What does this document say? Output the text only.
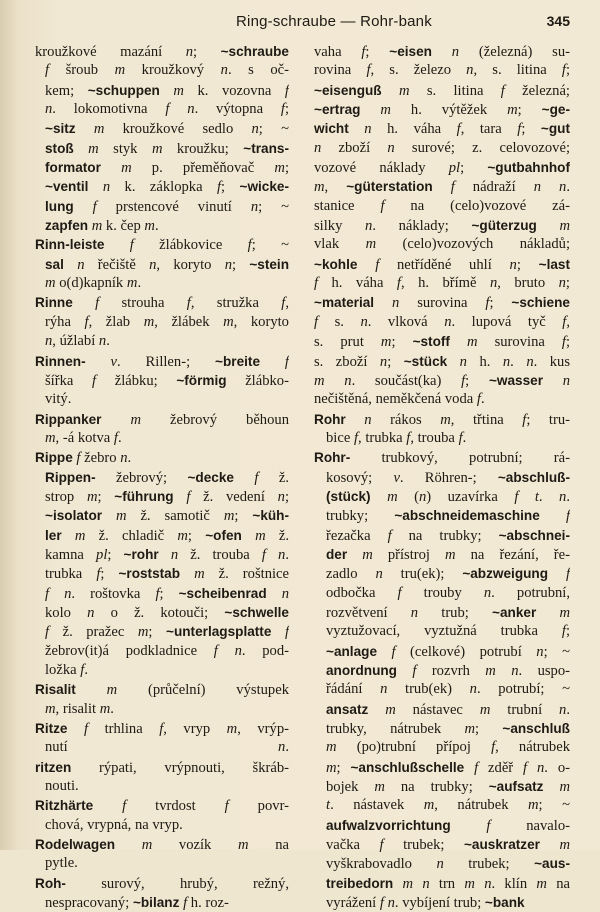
Ring-schraube — Rohr-bank	345
kroužkové mazání n; ~schraube
f šroub m kroužkový n. s oč-
kem; ~schuppen m k. vozovna f
n. lokomotivna f n. výtopna f;
~sitz m kroužkové sedlo n; ~
stoß m styk m kroužku; ~trans-
formator m p. přeměňovač m;
~ventil n k. záklopka f; ~wicke-
lung f prstencové vinutí n; ~
zapfen m k. čep m.
Rinn-leiste f žlábkovice f; ~
sal n řečiště n, koryto n; ~stein
m o(d)kapník m.
Rinne f strouha f, stružka f,
rýha f, žlab m, žlábek m, koryto
n, úžlabí n.
Rinnen- v. Rillen-; ~breite f
šířka f žlábku; ~förmig žlábko-
vitý.
Rippanker m žebrový běhoun
m, -á kotva f.
Rippe f žebro n.
Rippen- žebrový; ~decke f ž.
strop m; ~führung f ž. vedení n;
~isolator m ž. samotič m; ~küh-
ler m ž. chladič m; ~ofen m ž.
kamna pl; ~rohr n ž. trouba f n.
trubka f; ~roststab m ž. roštnice
f n. roštovka f; ~scheibenrad n
kolo n o ž. kotouči; ~schwelle
f ž. pražec m; ~unterlagsplatte f
žebrov(it)á podkladnice f n. pod-
ložka f.
Risalit m (průčelní) výstupek
m, risalit m.
Ritze f trhlina f, vryp m, vrýp-
nutí n.
ritzen rýpati, vrýpnouti, škráb-
nouti.
Ritzhärte f tvrdost f povr-
chová, vrypná, na vryp.
Rodelwagen m vozík m na
pytle.
Roh- surový, hrubý, režný,
nespracovaný; ~bilanz f h. roz-
vaha f; ~eisen n (železná) su-
rovina f, s. železo n, s. litina f;
~eisenguß m s. litina f železná;
~ertrag m h. výtěžek m; ~ge-
wicht n h. váha f, tara f; ~gut
n zboží n surové; z. celovozové;
vozové náklady pl; ~gutbahnhof
m, ~güterstation f nádraží n n.
stanice f na (celo)vozové zá-
silky n. náklady; ~güterzug m
vlak m (celo)vozových nákladů;
~kohle f netříděné uhlí n; ~last
f h. váha f, h. břímě n, bruto n;
~material n surovina f; ~schiene
f s. n. vlková n. lupová tyč f,
s. prut m; ~stoff m surovina f;
s. zboží n; ~stück n h. n. n. kus
m n. součást(ka) f; ~wasser n
nečištěná, neměkčená voda f.
Rohr n rákos m, třtina f; tru-
bice f, trubka f, trouba f.
Rohr- trubkový, potrubní; rá-
kosový; v. Röhren-; ~abschluß-
(stück) m (n) uzavírka f t. n.
trubky; ~abschneidemaschine f
řezačka f na trubky; ~abschnei-
der m přístroj m na řezání, ře-
zadlo n tru(ek); ~abzweigung f
odbočka f trouby n. potrubní,
rozvětvení n trub; ~anker m
vyztužovací, vyztužná trubka f;
~anlage f (celkové) potrubí n; ~
anordnung f rozvrh m n. uspo-
řádání n trub(ek) n. potrubí; ~
ansatz m nástavec m trubní n.
trubky, nátrubek m; ~anschluß
m (po)trubní přípoj f, nátrubek
m; ~anschlußschelle f zděř f n. o-
bojek m na trubky; ~aufsatz m
t. nástavek m, nátrubek m; ~
aufwalzvorrichtung f navalo-
vačka f trubek; ~auskratzer m
vyškrabovadlo n trubek; ~aus-
treibedorn m n trn m n. klín m na
vyrážení f n. vybíjení trub; ~bank
